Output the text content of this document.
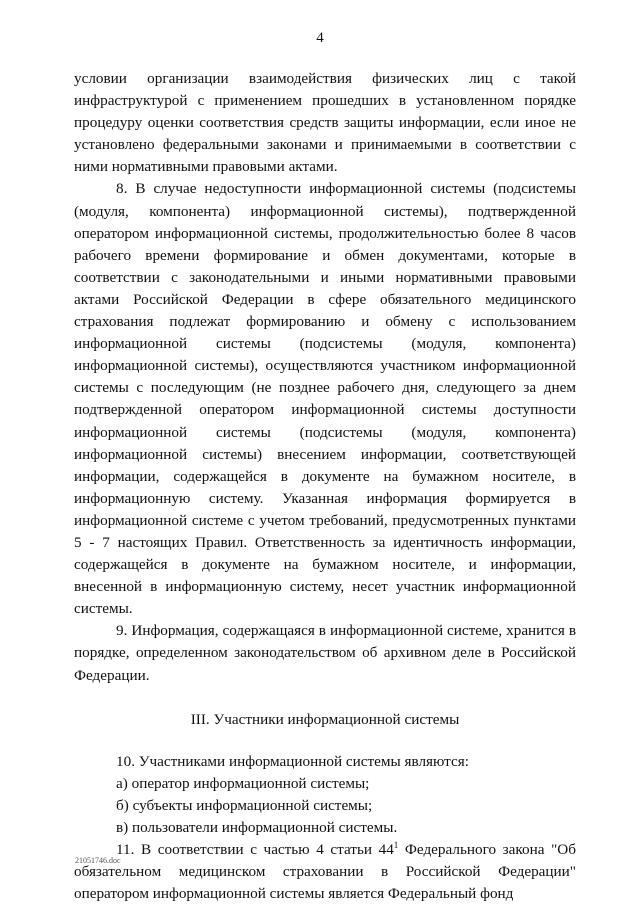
4

условии организации взаимодействия физических лиц с такой инфраструктурой с применением прошедших в установленном порядке процедуру оценки соответствия средств защиты информации, если иное не установлено федеральными законами и принимаемыми в соответствии с ними нормативными правовыми актами.

8. В случае недоступности информационной системы (подсистемы (модуля, компонента) информационной системы), подтвержденной оператором информационной системы, продолжительностью более 8 часов рабочего времени формирование и обмен документами, которые в соответствии с законодательными и иными нормативными правовыми актами Российской Федерации в сфере обязательного медицинского страхования подлежат формированию и обмену с использованием информационной системы (подсистемы (модуля, компонента) информационной системы), осуществляются участником информационной системы с последующим (не позднее рабочего дня, следующего за днем подтвержденной оператором информационной системы доступности информационной системы (подсистемы (модуля, компонента) информационной системы) внесением информации, соответствующей информации, содержащейся в документе на бумажном носителе, в информационную систему. Указанная информация формируется в информационной системе с учетом требований, предусмотренных пунктами 5 - 7 настоящих Правил. Ответственность за идентичность информации, содержащейся в документе на бумажном носителе, и информации, внесенной в информационную систему, несет участник информационной системы.

9. Информация, содержащаяся в информационной системе, хранится в порядке, определенном законодательством об архивном деле в Российской Федерации.

III. Участники информационной системы

10. Участниками информационной системы являются:

а) оператор информационной системы;

б) субъекты информационной системы;

в) пользователи информационной системы.

11. В соответствии с частью 4 статьи $44^1$ Федерального закона "Об обязательном медицинском страховании в Российской Федерации" оператором информационной системы является Федеральный фонд

21051746.doc
